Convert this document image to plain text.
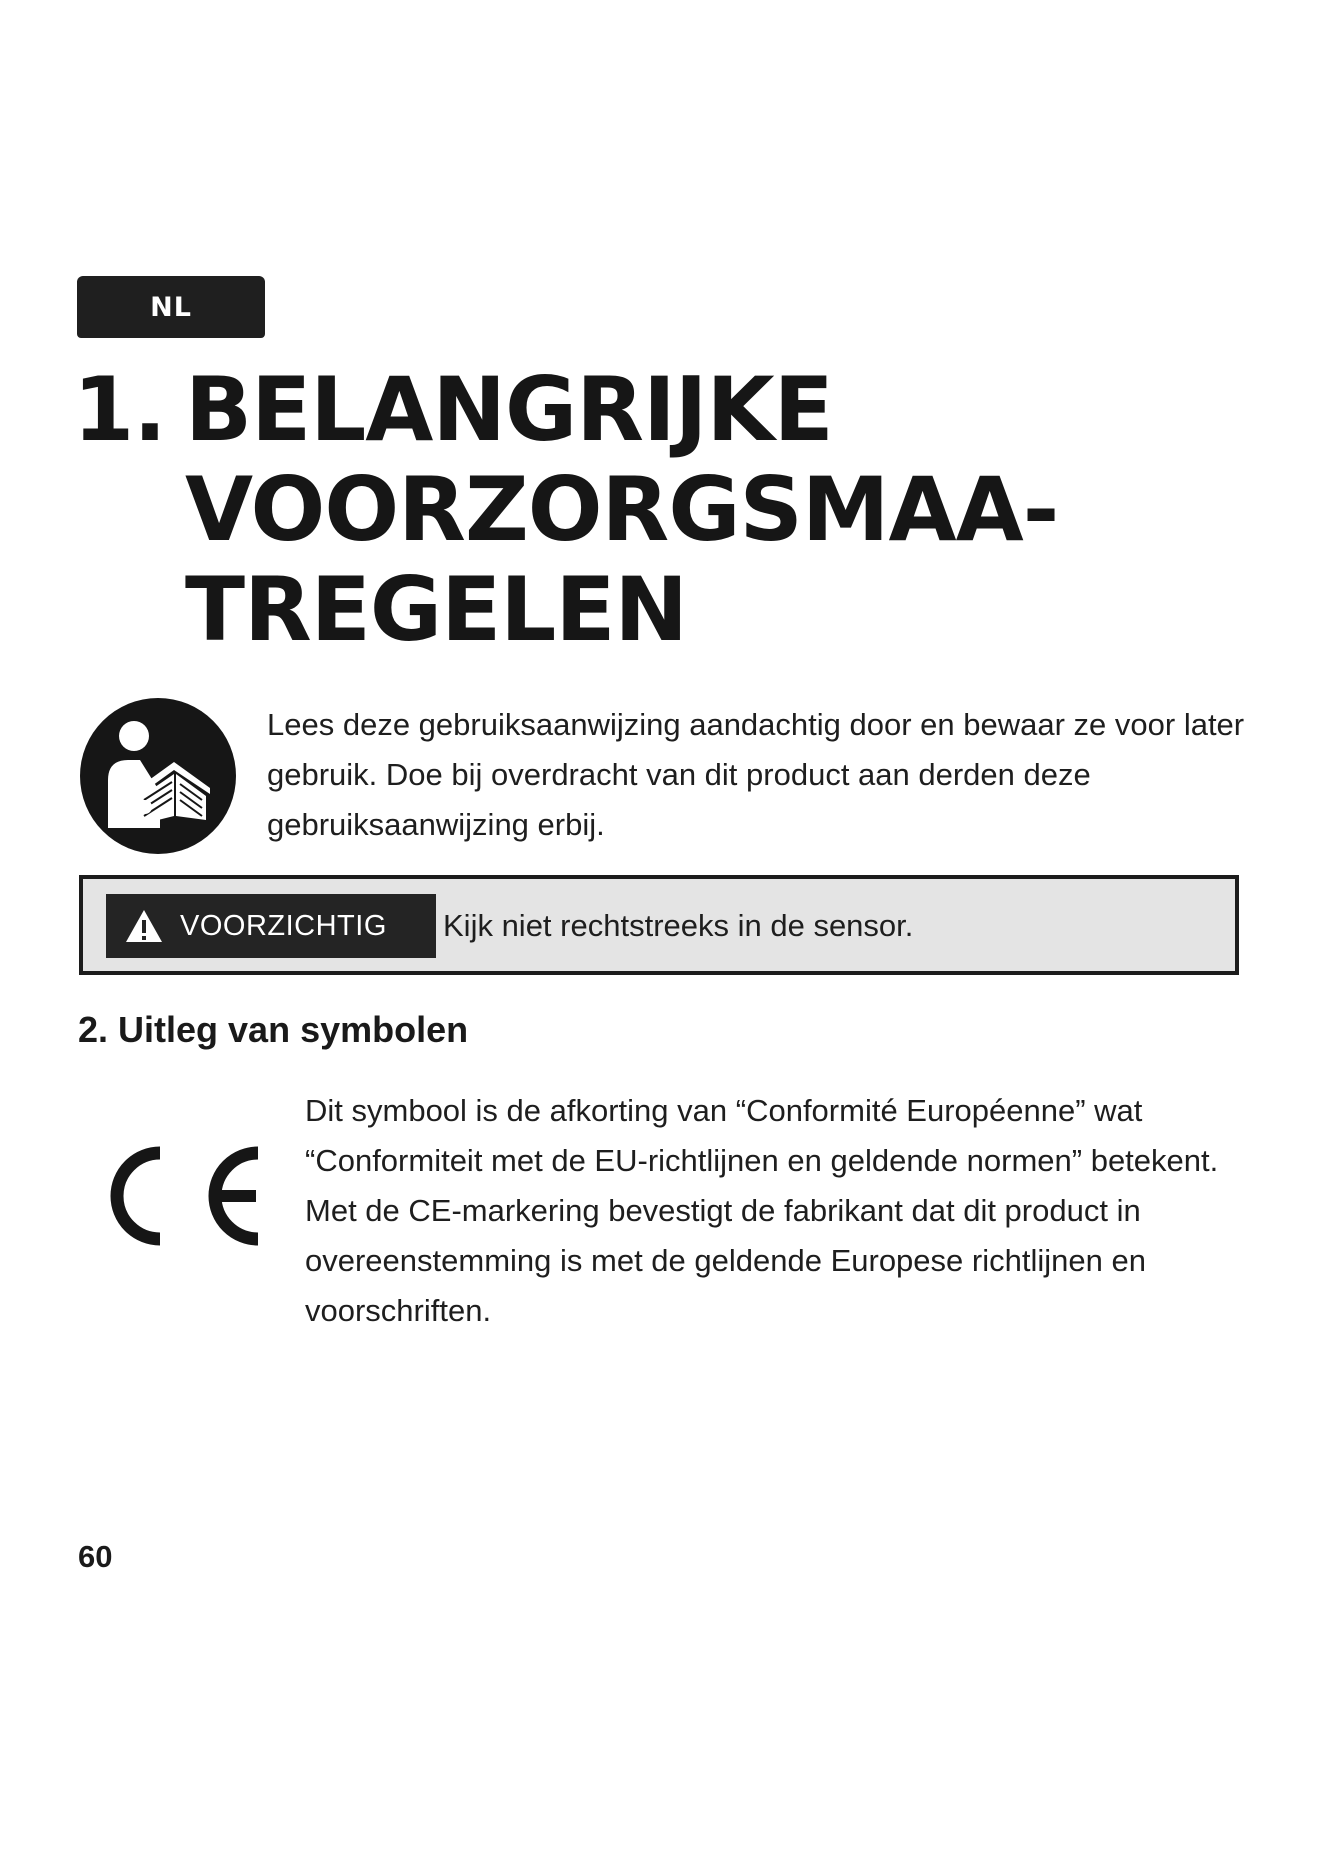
NL
1. BELANGRIJKE
VOORZORGSMAA-
TREGELEN

Lees deze gebruiksaanwijzing aandachtig door en bewaar ze voor later gebruik. Doe bij overdracht van dit product aan derden deze gebruiksaanwijzing erbij.

VOORZICHTIG Kijk niet rechtstreeks in de sensor.
2. Uitleg van symbolen

Dit symbool is de afkorting van “Conformité Européenne” wat “Conformiteit met de EU-richtlijnen en geldende normen” betekent. Met de CE-markering bevestigt de fabrikant dat dit product in overeenstemming is met de geldende Europese richtlijnen en voorschriften.

60
